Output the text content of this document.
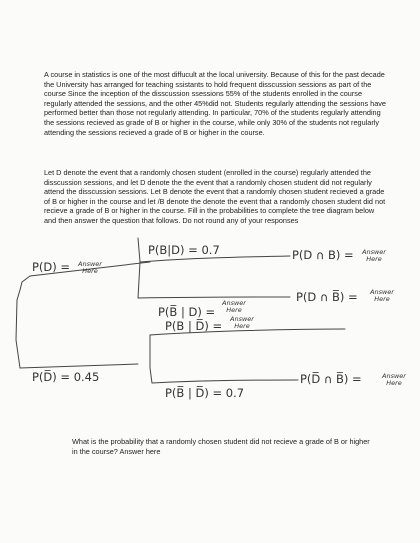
A course in statistics is one of the most diffucult at the local university. Because of this for the past decade the University has arranged for teaching ssistants to hold frequent disscussion sessions as part of the course Since the inception of the disscussion ssessions 55% of the students enrolled in the course regularly attended the sessions, and the other 45%did not. Students regularly attending the sessions have performed better than those not regularly attending. In particular, 70% of the students regularly attending the sessions recieved as grade of B or higher in the course, while only 30% of the students not regularly attending the sessions recieved a grade of B or higher in the course.

Let D denote the event that a randomly chosen student (enrolled in the course) regularly attended the disscussion sessions, and let D denote the the event that a randomly chosen student did not regularly attend the disscussion sessions. Let B denote the event that a randomly chosen student recieved a grade of B or higher in the course and let /B denote the denote the event that a randomly chosen student did not recieve a grade of B or higher in the course. Fill in the probabilities to complete the tree diagram below and then answer the question that follows. Do not round any of your responses

P(D) = Answer
Here
P(D̅) = 0.45
P(B|D) = 0.7
P(B̅ | D) =
Answer
Here
P(B | D̅) = Answer
Here
P(B̅ | D̅) = 0.7
P(D ∩ B) = Answer
Here
P(D ∩ B̅) = Answer
Here
P(D̅ ∩ B̅) =	Answer
Here

What is the probability that a randomly chosen student did not recieve a grade of B or higher in the course? Answer here
